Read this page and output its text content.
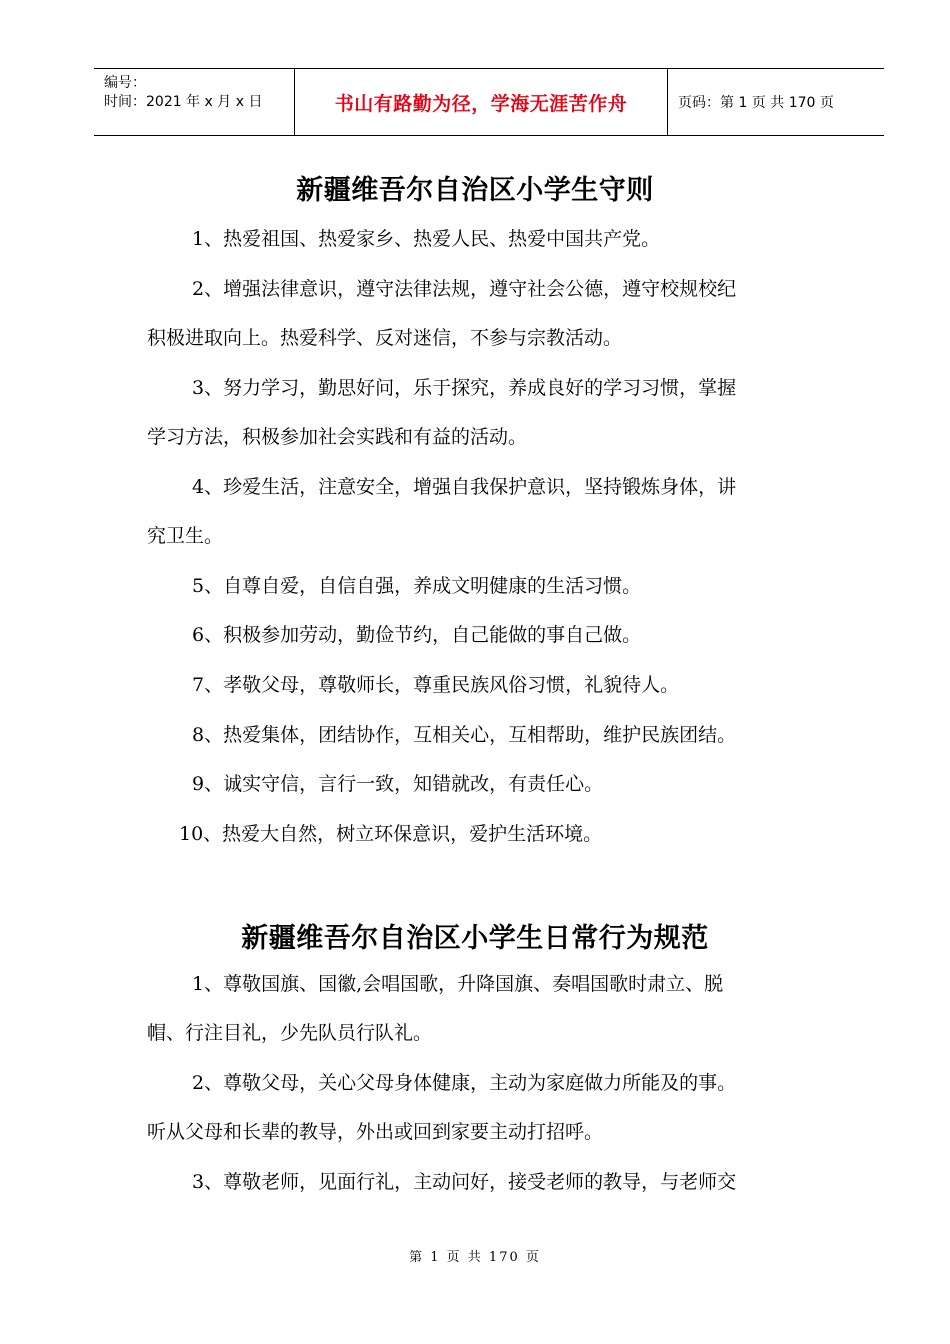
编号：
时间：2021 年 x 月 x 日	书山有路勤为径，学海无涯苦作舟	页码：第 1 页 共 170 页
新疆维吾尔自治区小学生守则
1、热爱祖国、热爱家乡、热爱人民、热爱中国共产党。
2、增强法律意识，遵守法律法规，遵守社会公德，遵守校规校纪
积极进取向上。热爱科学、反对迷信，不参与宗教活动。
3、努力学习，勤思好问，乐于探究，养成良好的学习习惯，掌握
学习方法，积极参加社会实践和有益的活动。
4、珍爱生活，注意安全，增强自我保护意识，坚持锻炼身体，讲
究卫生。
5、自尊自爱，自信自强，养成文明健康的生活习惯。
6、积极参加劳动，勤俭节约，自己能做的事自己做。
7、孝敬父母，尊敬师长，尊重民族风俗习惯，礼貌待人。
8、热爱集体，团结协作，互相关心，互相帮助，维护民族团结。
9、诚实守信，言行一致，知错就改，有责任心。
10、热爱大自然，树立环保意识，爱护生活环境。
新疆维吾尔自治区小学生日常行为规范
1、尊敬国旗、国徽,会唱国歌，升降国旗、奏唱国歌时肃立、脱
帽、行注目礼，少先队员行队礼。
2、尊敬父母，关心父母身体健康，主动为家庭做力所能及的事。
听从父母和长辈的教导，外出或回到家要主动打招呼。
3、尊敬老师，见面行礼，主动问好，接受老师的教导，与老师交
第 1 页 共 170 页
